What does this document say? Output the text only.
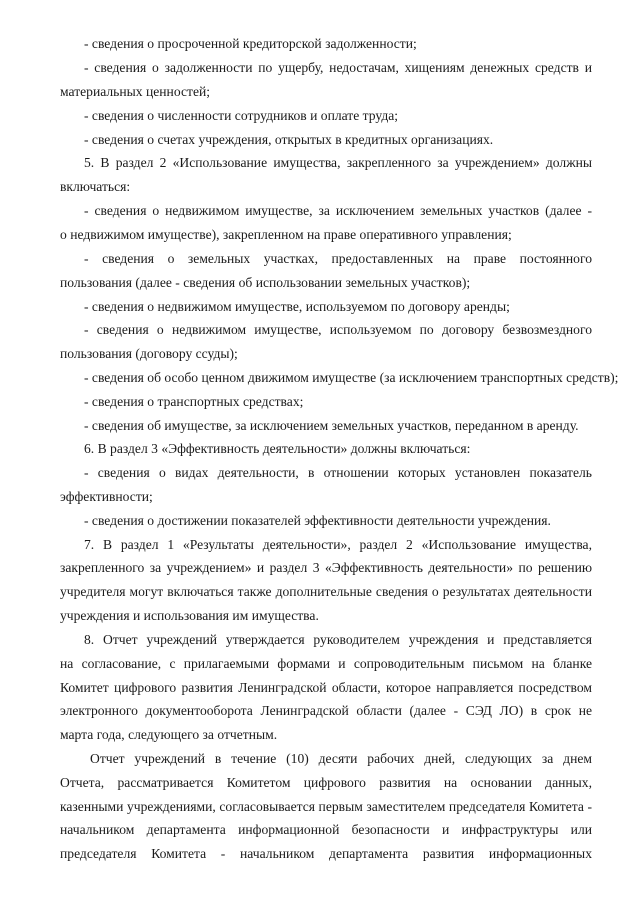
- сведения о просроченной кредиторской задолженности;
- сведения о задолженности по ущербу, недостачам, хищениям денежных средств и
материальных ценностей;
- сведения о численности сотрудников и оплате труда;
- сведения о счетах учреждения, открытых в кредитных организациях.
5. В раздел 2 «Использование имущества, закрепленного за учреждением» должны
включаться:
- сведения о недвижимом имуществе, за исключением земельных участков (далее -
о недвижимом имуществе), закрепленном на праве оперативного управления;
- сведения о земельных участках, предоставленных на праве постоянного
пользования (далее - сведения об использовании земельных участков);
- сведения о недвижимом имуществе, используемом по договору аренды;
- сведения о недвижимом имуществе, используемом по договору безвозмездного
пользования (договору ссуды);
- сведения об особо ценном движимом имуществе (за исключением транспортных средств);
- сведения о транспортных средствах;
- сведения об имуществе, за исключением земельных участков, переданном в аренду.
6. В раздел 3 «Эффективность деятельности» должны включаться:
- сведения о видах деятельности, в отношении которых установлен показатель
эффективности;
- сведения о достижении показателей эффективности деятельности учреждения.
7. В раздел 1 «Результаты деятельности», раздел 2 «Использование имущества,
закрепленного за учреждением» и раздел 3 «Эффективность деятельности» по решению
учредителя могут включаться также дополнительные сведения о результатах деятельности
учреждения и использования им имущества.
8. Отчет учреждений утверждается руководителем учреждения и представляется
на согласование, с прилагаемыми формами и сопроводительным письмом на бланке
Комитет цифрового развития Ленинградской области, которое направляется посредством
электронного документооборота Ленинградской области (далее - СЭД ЛО) в срок не
марта года, следующего за отчетным.
Отчет учреждений в течение (10) десяти рабочих дней, следующих за днем
Отчета, рассматривается Комитетом цифрового развития на основании данных,
казенными учреждениями, согласовывается первым заместителем председателя Комитета -
начальником департамента информационной безопасности и инфраструктуры или
председателя Комитета - начальником департамента развития информационных
